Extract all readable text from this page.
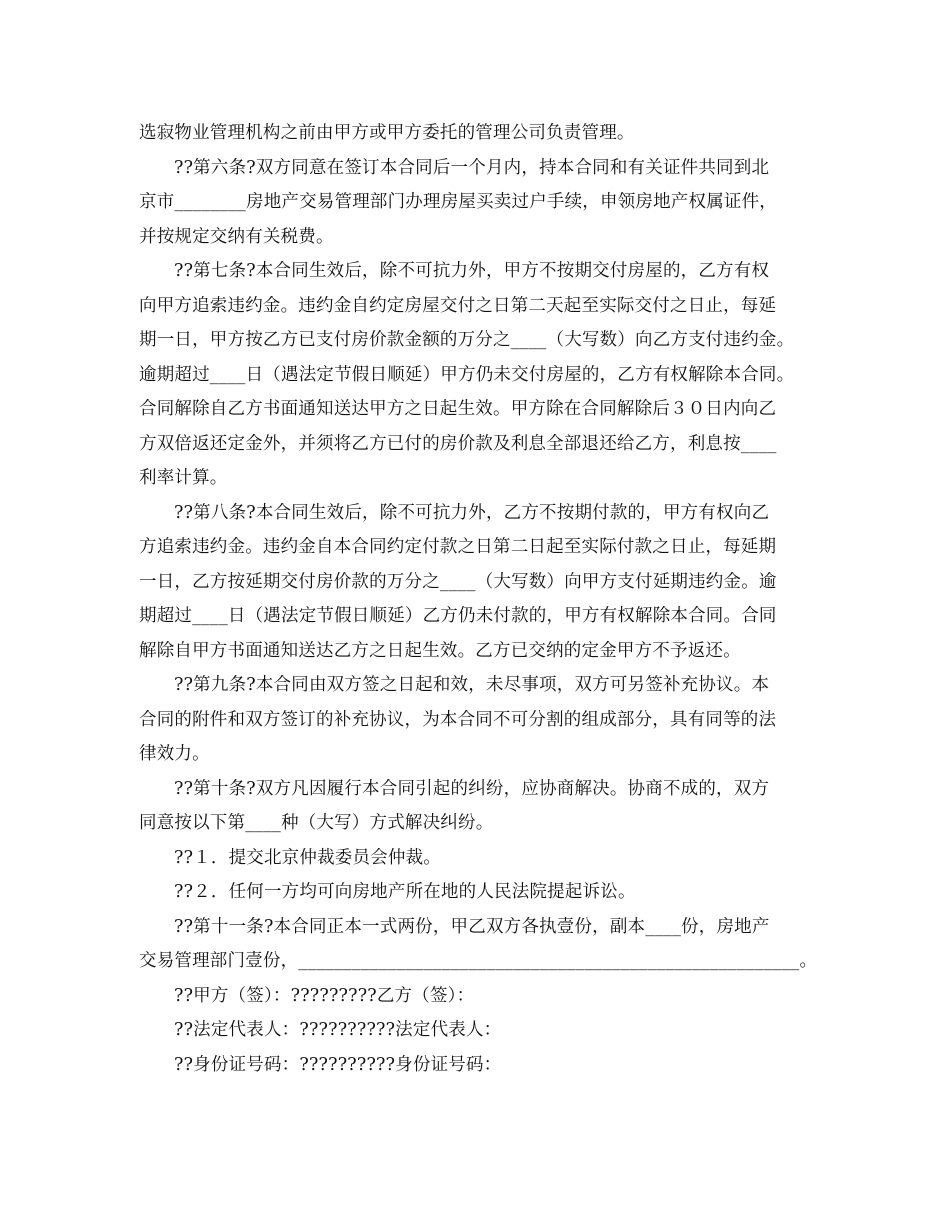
选寂物业管理机构之前由甲方或甲方委托的管理公司负责管理。
??第六条?双方同意在签订本合同后一个月内，持本合同和有关证件共同到北
京市________房地产交易管理部门办理房屋买卖过户手续，申领房地产权属证件，
并按规定交纳有关税费。
??第七条?本合同生效后，除不可抗力外，甲方不按期交付房屋的，乙方有权
向甲方追索违约金。违约金自约定房屋交付之日第二天起至实际交付之日止，每延
期一日，甲方按乙方已支付房价款金额的万分之____（大写数）向乙方支付违约金。
逾期超过____日（遇法定节假日顺延）甲方仍未交付房屋的，乙方有权解除本合同。
合同解除自乙方书面通知送达甲方之日起生效。甲方除在合同解除后３０日内向乙
方双倍返还定金外，并须将乙方已付的房价款及利息全部退还给乙方，利息按____
利率计算。
??第八条?本合同生效后，除不可抗力外，乙方不按期付款的，甲方有权向乙
方追索违约金。违约金自本合同约定付款之日第二日起至实际付款之日止，每延期
一日，乙方按延期交付房价款的万分之____（大写数）向甲方支付延期违约金。逾
期超过____日（遇法定节假日顺延）乙方仍未付款的，甲方有权解除本合同。合同
解除自甲方书面通知送达乙方之日起生效。乙方已交纳的定金甲方不予返还。
??第九条?本合同由双方签之日起和效，未尽事项，双方可另签补充协议。本
合同的附件和双方签订的补充协议，为本合同不可分割的组成部分，具有同等的法
律效力。
??第十条?双方凡因履行本合同引起的纠纷，应协商解决。协商不成的，双方
同意按以下第____种（大写）方式解决纠纷。
??１．提交北京仲裁委员会仲裁。
??２．任何一方均可向房地产所在地的人民法院提起诉讼。
??第十一条?本合同正本一式两份，甲乙双方各执壹份，副本____份，房地产
交易管理部门壹份，________________________________________________________。
??甲方（签）：?????????乙方（签）：
??法定代表人：??????????法定代表人：
??身份证号码：??????????身份证号码：
